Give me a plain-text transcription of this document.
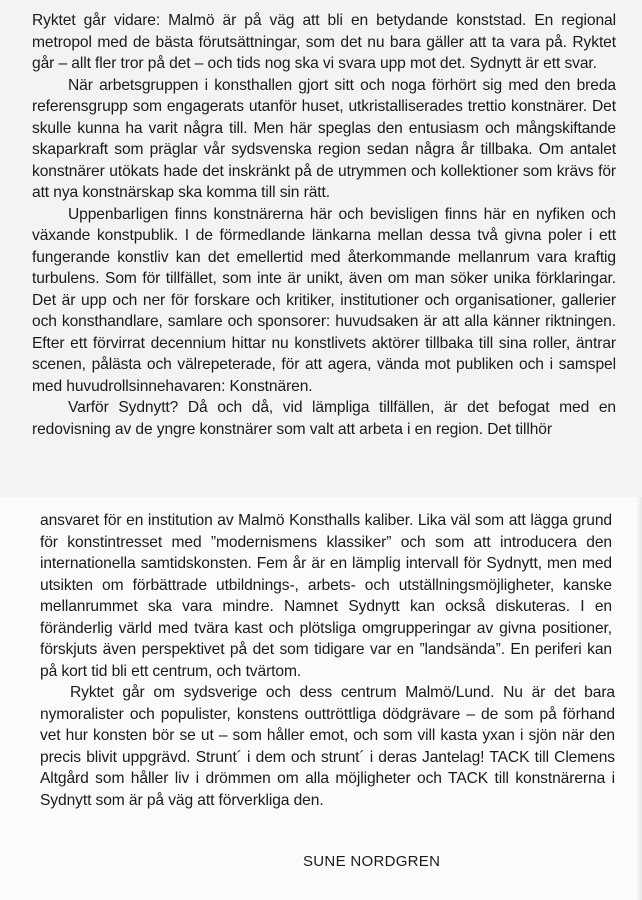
Ryktet går vidare: Malmö är på väg att bli en betydande konststad. En regional metropol med de bästa förutsättningar, som det nu bara gäller att ta vara på. Ryktet går – allt fler tror på det – och tids nog ska vi svara upp mot det. Sydnytt är ett svar.

När arbetsgruppen i konsthallen gjort sitt och noga förhört sig med den breda referensgrupp som engagerats utanför huset, utkristalliserades trettio konstnärer. Det skulle kunna ha varit några till. Men här speglas den entusiasm och mångskiftande skaparkraft som präglar vår sydsvenska region sedan några år tillbaka. Om antalet konstnärer utökats hade det inskränkt på de utrymmen och kollektioner som krävs för att nya konstnärskap ska komma till sin rätt.

Uppenbarligen finns konstnärerna här och bevisligen finns här en nyfiken och växande konstpublik. I de förmedlande länkarna mellan dessa två givna poler i ett fungerande konstliv kan det emellertid med återkommande mellanrum vara kraftig turbulens. Som för tillfället, som inte är unikt, även om man söker unika förklaringar. Det är upp och ner för forskare och kritiker, institutioner och organisationer, gallerier och konsthandlare, samlare och sponsorer: huvudsaken är att alla känner riktningen. Efter ett förvirrat decennium hittar nu konstlivets aktörer tillbaka till sina roller, äntrar scenen, pålästa och välrepeterade, för att agera, vända mot publiken och i samspel med huvudrollsinnehavaren: Konstnären.

Varför Sydnytt? Då och då, vid lämpliga tillfällen, är det befogat med en redovisning av de yngre konstnärer som valt att arbeta i en region. Det tillhör

ansvaret för en institution av Malmö Konsthalls kaliber. Lika väl som att lägga grund för konstintresset med ”modernismens klassiker” och som att introducera den internationella samtidskonsten. Fem år är en lämplig intervall för Sydnytt, men med utsikten om förbättrade utbildnings-, arbets- och utställningsmöjligheter, kanske mellanrummet ska vara mindre. Namnet Sydnytt kan också diskuteras. I en föränderlig värld med tvära kast och plötsliga omgrupperingar av givna positioner, förskjuts även perspektivet på det som tidigare var en ”landsända”. En periferi kan på kort tid bli ett centrum, och tvärtom.

Ryktet går om sydsverige och dess centrum Malmö/Lund. Nu är det bara nymoralister och populister, konstens outtröttliga dödgrävare – de som på förhand vet hur konsten bör se ut – som håller emot, och som vill kasta yxan i sjön när den precis blivit uppgrävd. Strunt´ i dem och strunt´ i deras Jantelag! TACK till Clemens Altgård som håller liv i drömmen om alla möjligheter och TACK till konstnärerna i Sydnytt som är på väg att förverkliga den.

SUNE NORDGREN
